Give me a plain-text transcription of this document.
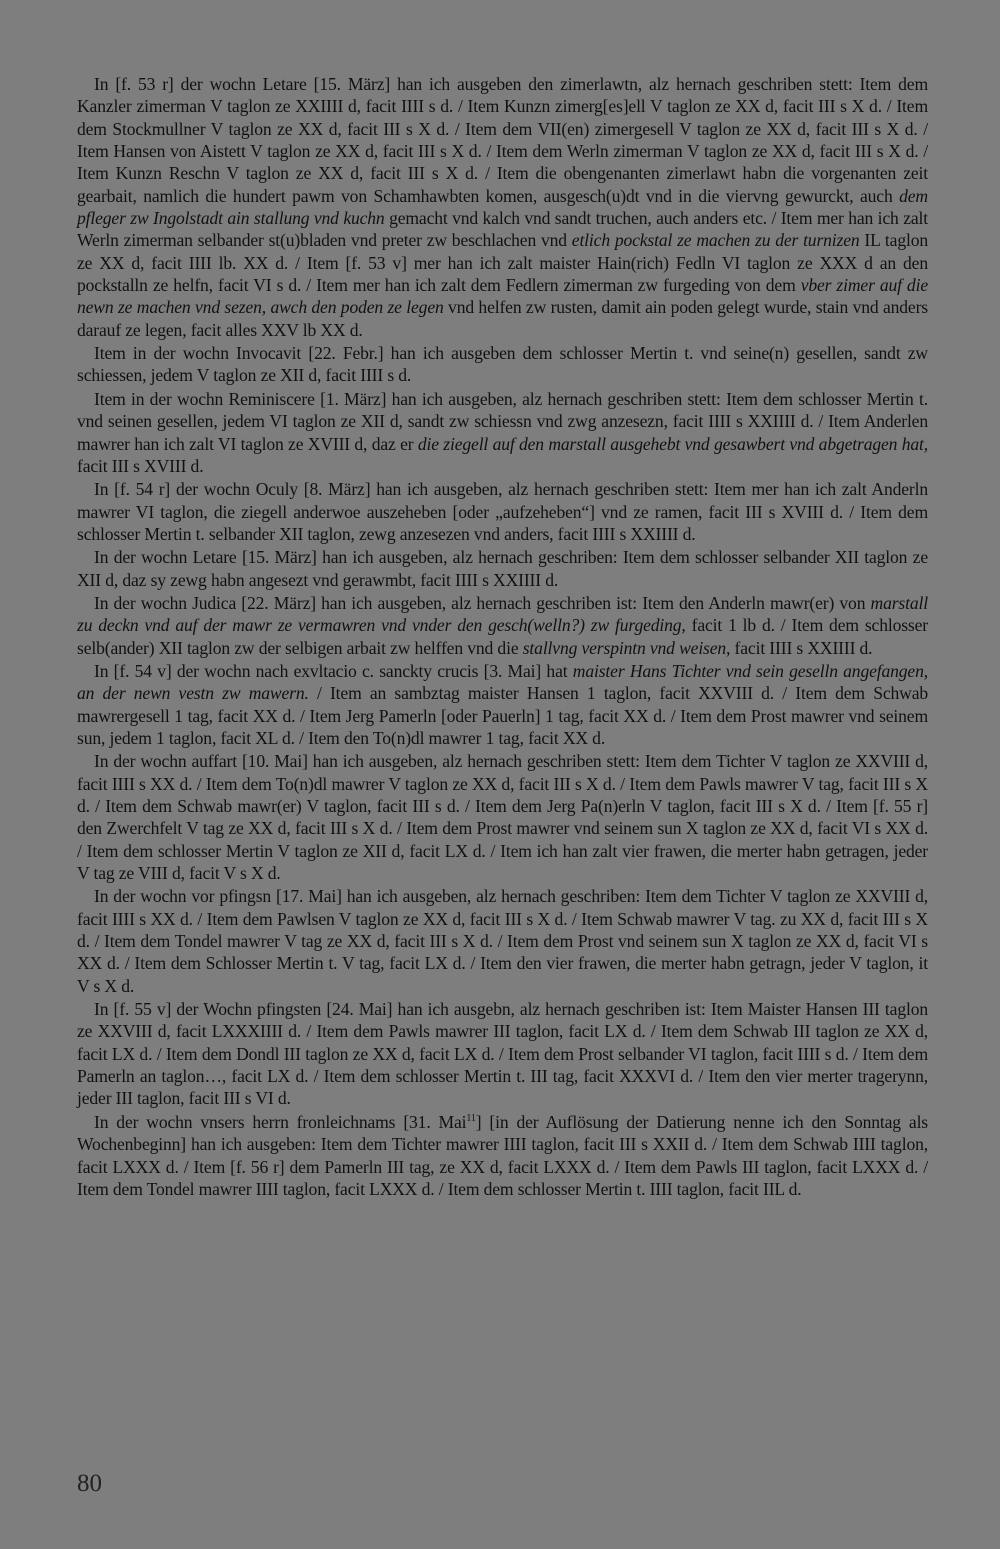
In [f. 53 r] der wochn Letare [15. März] han ich ausgeben den zimerlawtn, alz hernach geschriben stett: Item dem Kanzler zimerman V taglon ze XXIIII d, facit IIII s d. / Item Kunzn zimerg[es]ell V taglon ze XX d, facit III s X d. / Item dem Stockmullner V taglon ze XX d, facit III s X d. / Item dem VII(en) zimergesell V taglon ze XX d, facit III s X d. / Item Hansen von Aistett V taglon ze XX d, facit III s X d. / Item dem Werln zimerman V taglon ze XX d, facit III s X d. / Item Kunzn Reschn V taglon ze XX d, facit III s X d. / Item die obengenanten zimerlawt habn die vorgenanten zeit gearbait, namlich die hundert pawm von Schamhawbten komen, ausgesch(u)dt vnd in die viervng gewurckt, auch dem pfleger zw Ingolstadt ain stallung vnd kuchn gemacht vnd kalch vnd sandt truchen, auch anders etc. / Item mer han ich zalt Werln zimerman selbander st(u)bladen vnd preter zw beschlachen vnd etlich pockstal ze machen zu der turnizen IL taglon ze XX d, facit IIII lb. XX d. / Item [f. 53 v] mer han ich zalt maister Hain(rich) Fedln VI taglon ze XXX d an den pockstalln ze helfn, facit VI s d. / Item mer han ich zalt dem Fedlern zimerman zw furgeding von dem vber zimer auf die newn ze machen vnd sezen, awch den poden ze legen vnd helfen zw rusten, damit ain poden gelegt wurde, stain vnd anders darauf ze legen, facit alles XXV lb XX d.

Item in der wochn Invocavit [22. Febr.] han ich ausgeben dem schlosser Mertin t. vnd seine(n) gesellen, sandt zw schiessen, jedem V taglon ze XII d, facit IIII s d.

Item in der wochn Reminiscere [1. März] han ich ausgeben, alz hernach geschriben stett: Item dem schlosser Mertin t. vnd seinen gesellen, jedem VI taglon ze XII d, sandt zw schiessn vnd zwg anzesezn, facit IIII s XXIIII d. / Item Anderlen mawrer han ich zalt VI taglon ze XVIII d, daz er die ziegell auf den marstall ausgehebt vnd gesawbert vnd abgetragen hat, facit III s XVIII d.

In [f. 54 r] der wochn Oculy [8. März] han ich ausgeben, alz hernach geschriben stett: Item mer han ich zalt Anderln mawrer VI taglon, die ziegell anderwoe auszeheben [oder „aufzeheben“] vnd ze ramen, facit III s XVIII d. / Item dem schlosser Mertin t. selbander XII taglon, zewg anzesezen vnd anders, facit IIII s XXIIII d.

In der wochn Letare [15. März] han ich ausgeben, alz hernach geschriben: Item dem schlosser selbander XII taglon ze XII d, daz sy zewg habn angesezt vnd gerawmbt, facit IIII s XXIIII d.

In der wochn Judica [22. März] han ich ausgeben, alz hernach geschriben ist: Item den Anderln mawr(er) von marstall zu deckn vnd auf der mawr ze vermawren vnd vnder den gesch(welln?) zw furgeding, facit 1 lb d. / Item dem schlosser selb(ander) XII taglon zw der selbigen arbait zw helffen vnd die stallvng verspintn vnd weisen, facit IIII s XXIIII d.

In [f. 54 v] der wochn nach exvltacio c. sanckty crucis [3. Mai] hat maister Hans Tichter vnd sein geselln angefangen, an der newn vestn zw mawern. / Item an sambztag maister Hansen 1 taglon, facit XXVIII d. / Item dem Schwab mawrergesell 1 tag, facit XX d. / Item Jerg Pamerln [oder Pauerln] 1 tag, facit XX d. / Item dem Prost mawrer vnd seinem sun, jedem 1 taglon, facit XL d. / Item den To(n)dl mawrer 1 tag, facit XX d.

In der wochn auffart [10. Mai] han ich ausgeben, alz hernach geschriben stett: Item dem Tichter V taglon ze XXVIII d, facit IIII s XX d. / Item dem To(n)dl mawrer V taglon ze XX d, facit III s X d. / Item dem Pawls mawrer V tag, facit III s X d. / Item dem Schwab mawr(er) V taglon, facit III s d. / Item dem Jerg Pa(n)erln V taglon, facit III s X d. / Item [f. 55 r] den Zwerchfelt V tag ze XX d, facit III s X d. / Item dem Prost mawrer vnd seinem sun X taglon ze XX d, facit VI s XX d. / Item dem schlosser Mertin V taglon ze XII d, facit LX d. / Item ich han zalt vier frawen, die merter habn getragen, jeder V tag ze VIII d, facit V s X d.

In der wochn vor pfingsn [17. Mai] han ich ausgeben, alz hernach geschriben: Item dem Tichter V taglon ze XXVIII d, facit IIII s XX d. / Item dem Pawlsen V taglon ze XX d, facit III s X d. / Item Schwab mawrer V tag. zu XX d, facit III s X d. / Item dem Tondel mawrer V tag ze XX d, facit III s X d. / Item dem Prost vnd seinem sun X taglon ze XX d, facit VI s XX d. / Item dem Schlosser Mertin t. V tag, facit LX d. / Item den vier frawen, die merter habn getragn, jeder V taglon, it V s X d.

In [f. 55 v] der Wochn pfingsten [24. Mai] han ich ausgebn, alz hernach geschriben ist: Item Maister Hansen III taglon ze XXVIII d, facit LXXXIIII d. / Item dem Pawls mawrer III taglon, facit LX d. / Item dem Schwab III taglon ze XX d, facit LX d. / Item dem Dondl III taglon ze XX d, facit LX d. / Item dem Prost selbander VI taglon, facit IIII s d. / Item dem Pamerln an taglon…, facit LX d. / Item dem schlosser Mertin t. III tag, facit XXXVI d. / Item den vier merter tragerynn, jeder III taglon, facit III s VI d.

In der wochn vnsers herrn fronleichnams [31. Mai$^{11}$] [in der Auflösung der Datierung nenne ich den Sonntag als Wochenbeginn] han ich ausgeben: Item dem Tichter mawrer IIII taglon, facit III s XXII d. / Item dem Schwab IIII taglon, facit LXXX d. / Item [f. 56 r] dem Pamerln III tag, ze XX d, facit LXXX d. / Item dem Pawls III taglon, facit LXXX d. / Item dem Tondel mawrer IIII taglon, facit LXXX d. / Item dem schlosser Mertin t. IIII taglon, facit IIL d.

80
